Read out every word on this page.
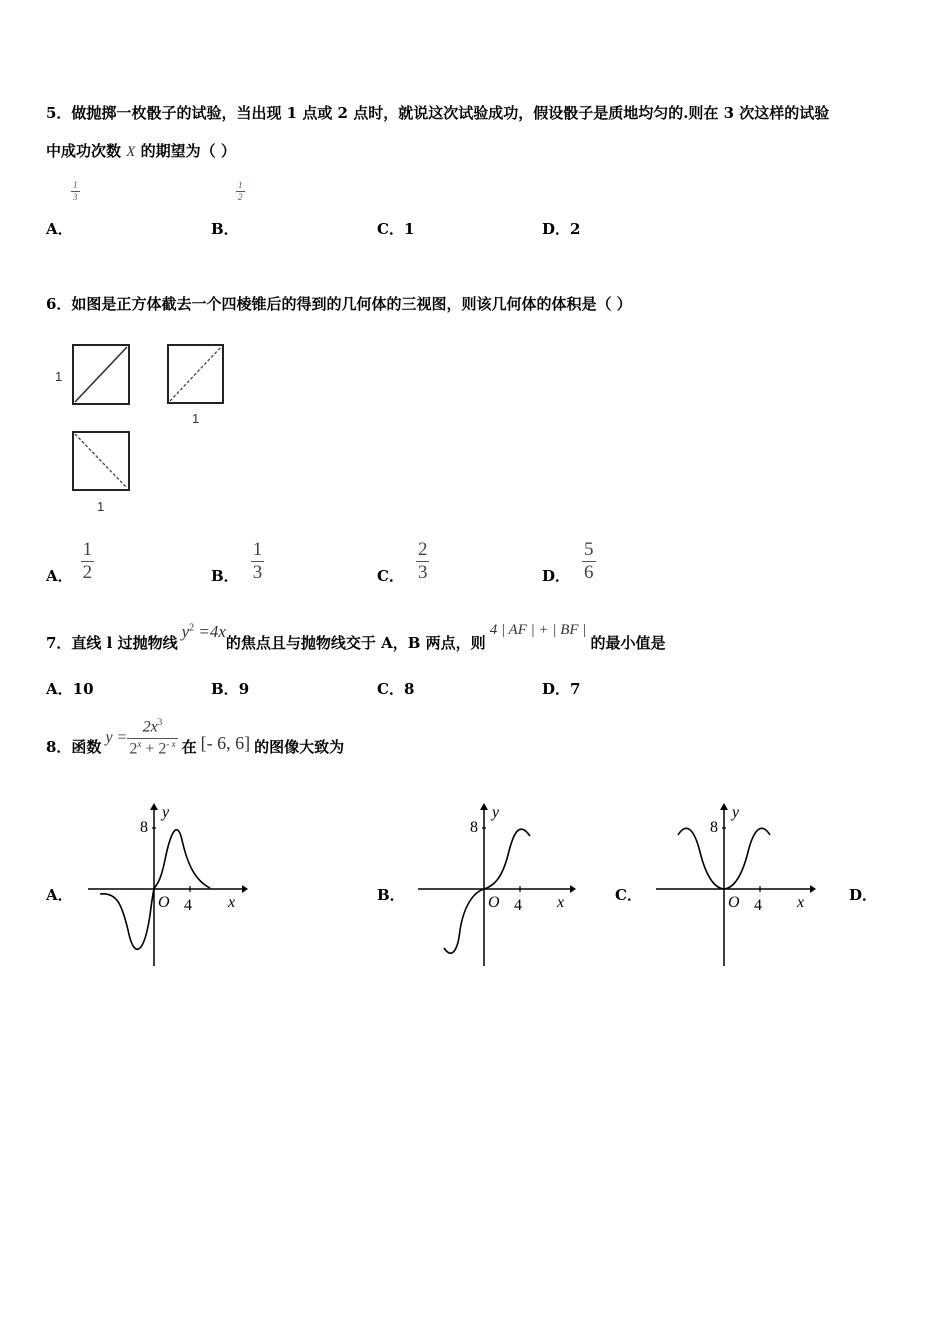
5．做抛掷一枚骰子的试验，当出现 1 点或 2 点时，就说这次试验成功，假设骰子是质地均匀的.则在 3 次这样的试验
中成功次数 X 的期望为（ ）
$\frac{1}{3}$	$\frac{1}{2}$
A．	B．	C．1	D．2
6．如图是正方体截去一个四棱锥后的得到的几何体的三视图，则该几何体的体积是（ ）
1
1
1
A． $\frac{1}{2}$	B． $\frac{1}{3}$	C． $\frac{2}{3}$	D． $\frac{5}{6}$
7．直线 l 过抛物线
$y^2 =4x$
的焦点且与抛物线交于 A，B 两点，则
4 | AF | + | BF |
的最小值是
A．10	B．9	C．8	D．7
8．函数 $y = \frac{2x^3}{2^x + 2^{- x}}$ 在 [- 6, 6] 的图像大致为
y
x
O 4
8
A．
y
x
O 4
8
B．
y
x
O 4
8
C．	D．
